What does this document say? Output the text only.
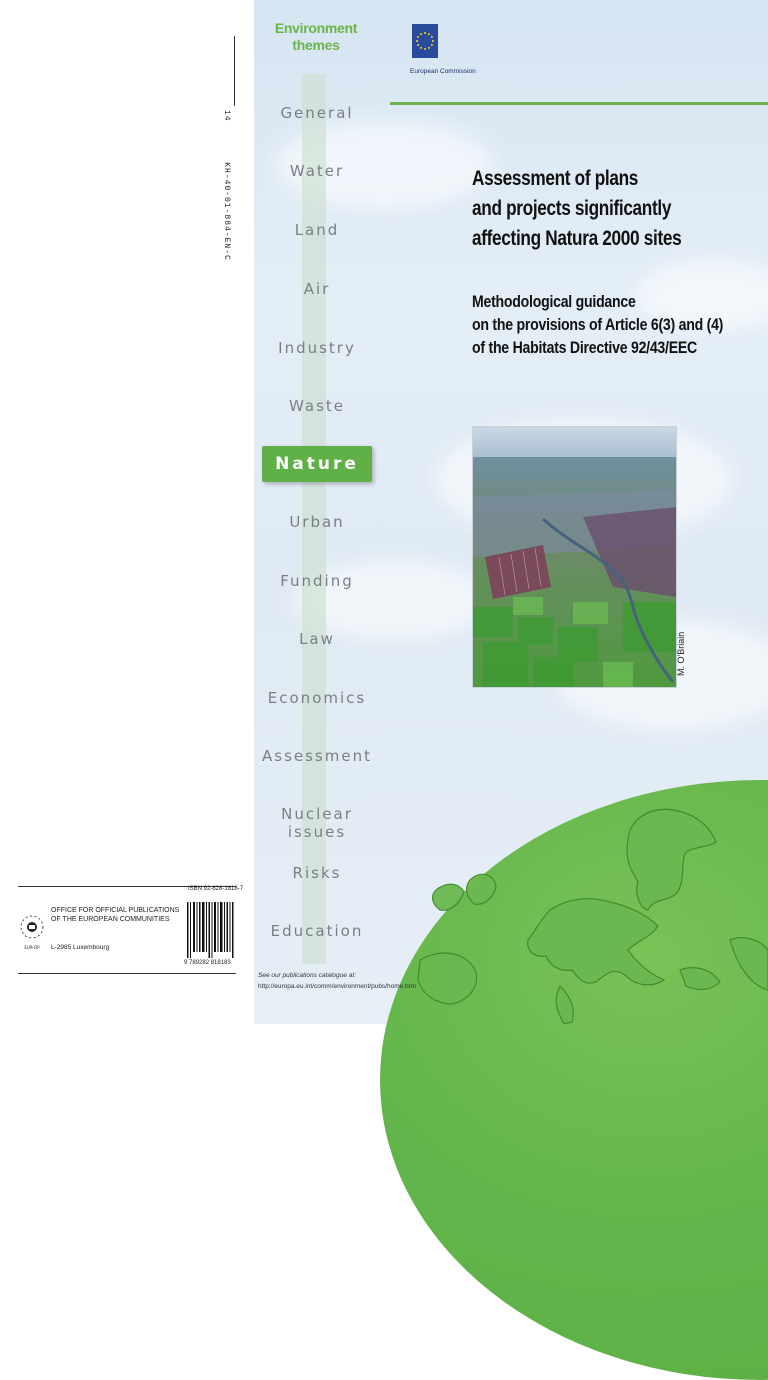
14       KH-40-01-884-EN-C
EUR-OP
OFFICE FOR OFFICIAL PUBLICATIONS
OF THE EUROPEAN COMMUNITIES
L-2985 Luxembourg
ISBN 92-828-1818-7
9 789282 818183
Environment
themes
General
Water
Land
Air
Industry
Waste
Nature
Urban
Funding
Law
Economics
Assessment
Nuclear issues
Risks
Education
European Commission
Assessment of plans
and projects significantly
affecting Natura 2000 sites
Methodological guidance
on the provisions of Article 6(3) and (4)
of the Habitats Directive 92/43/EEC
M. O'Briain
See our publications catalogue at:
http://europa.eu.int/comm/environment/pubs/home.htm
